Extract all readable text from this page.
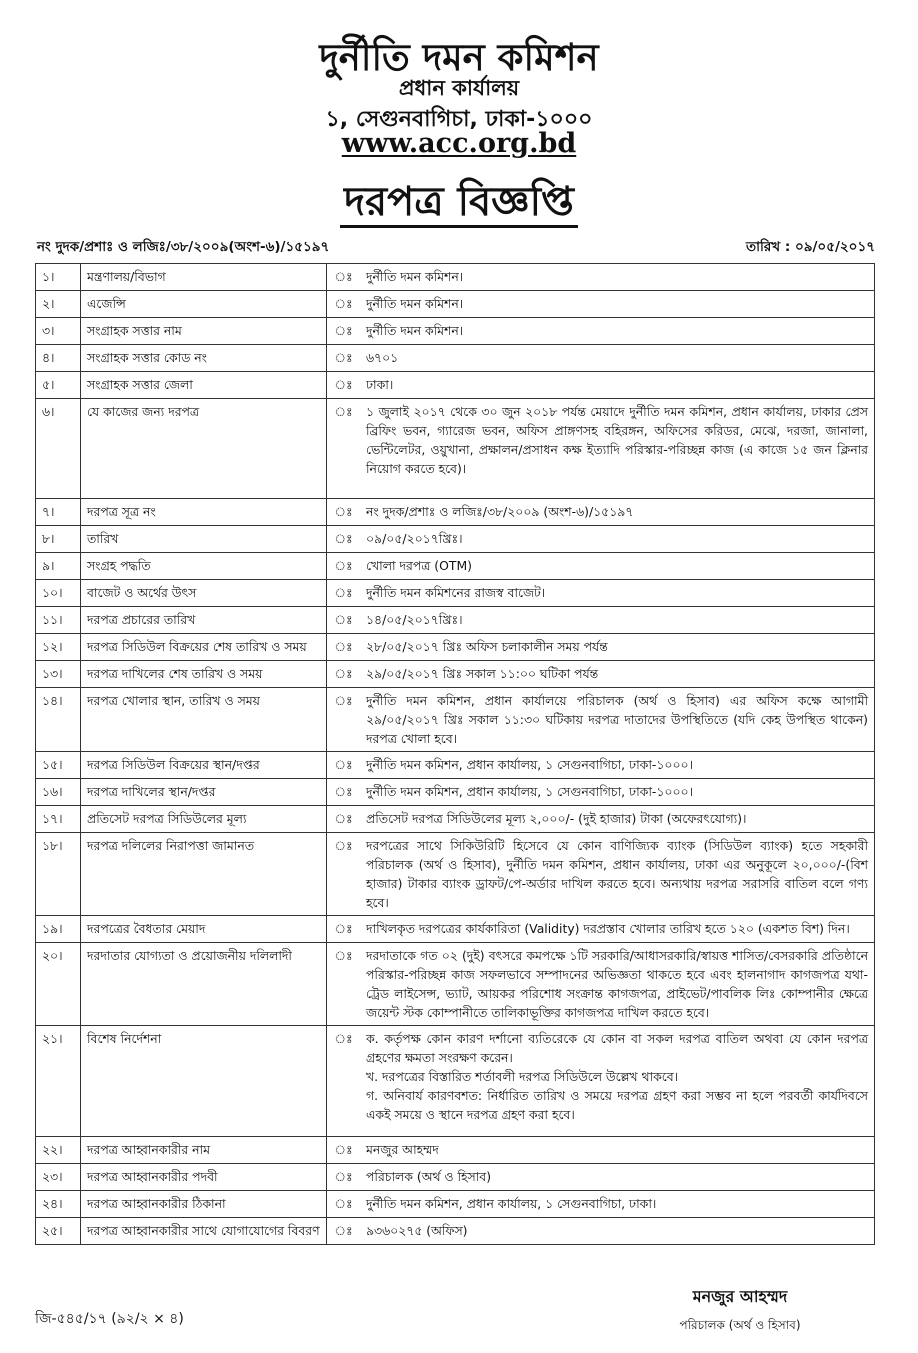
দুর্নীতি দমন কমিশন
প্রধান কার্যালয়
১, সেগুনবাগিচা, ঢাকা-১০০০
www.acc.org.bd
দরপত্র বিজ্ঞপ্তি
নং দুদক/প্রশাঃ ও লজিঃ/৩৮/২০০৯(অংশ-৬)/১৫১৯৭	তারিখ : ০৯/০৫/২০১৭
১।	মন্ত্রণালয়/বিভাগ	ঃ	দুর্নীতি দমন কমিশন।
২।	এজেন্সি	ঃ	দুর্নীতি দমন কমিশন।
৩।	সংগ্রাহক সত্তার নাম	ঃ	দুর্নীতি দমন কমিশন।
৪।	সংগ্রাহক সত্তার কোড নং	ঃ	৬৭০১
৫।	সংগ্রাহক সত্তার জেলা	ঃ	ঢাকা।
৬।	যে কাজের জন্য দরপত্র	ঃ	১ জুলাই ২০১৭ থেকে ৩০ জুন ২০১৮ পর্যন্ত মেয়াদে দুর্নীতি দমন কমিশন, প্রধান কার্যালয়, ঢাকার প্রেস ব্রিফিং ভবন, গ্যারেজ ভবন, অফিস প্রাঙ্গণসহ বহিরঙ্গন, অফিসের করিডর, মেঝে, দরজা, জানালা, ভেন্টিলেটর, ওয়ুখানা, প্রক্ষালন/প্রসাধন কক্ষ ইত্যাদি পরিস্কার-পরিচ্ছন্ন কাজ (এ কাজে ১৫ জন ক্লিনার নিয়োগ করতে হবে)।
৭।	দরপত্র সূত্র নং	ঃ	নং দুদক/প্রশাঃ ও লজিঃ/৩৮/২০০৯ (অংশ-৬)/১৫১৯৭
৮।	তারিখ	ঃ	০৯/০৫/২০১৭খ্রিঃ।
৯।	সংগ্রহ পদ্ধতি	ঃ	খোলা দরপত্র (OTM)
১০।	বাজেট ও অর্থের উৎস	ঃ	দুর্নীতি দমন কমিশনের রাজস্ব বাজেট।
১১।	দরপত্র প্রচারের তারিখ	ঃ	১৪/০৫/২০১৭খ্রিঃ।
১২।	দরপত্র সিডিউল বিক্রয়ের শেষ তারিখ ও সময়	ঃ	২৮/০৫/২০১৭ খ্রিঃ অফিস চলাকালীন সময় পর্যন্ত
১৩।	দরপত্র দাখিলের শেষ তারিখ ও সময়	ঃ	২৯/০৫/২০১৭ খ্রিঃ সকাল ১১:০০ ঘটিকা পর্যন্ত
১৪।	দরপত্র খোলার স্থান, তারিখ ও সময়	ঃ	দুর্নীতি দমন কমিশন, প্রধান কার্যালয়ে পরিচালক (অর্থ ও হিসাব) এর অফিস কক্ষে আগামী ২৯/০৫/২০১৭ খ্রিঃ সকাল ১১:৩০ ঘটিকায় দরপত্র দাতাদের উপস্থিতিতে (যদি কেহ উপস্থিত থাকেন) দরপত্র খোলা হবে।
১৫।	দরপত্র সিডিউল বিক্রয়ের স্থান/দপ্তর	ঃ	দুর্নীতি দমন কমিশন, প্রধান কার্যালয়, ১ সেগুনবাগিচা, ঢাকা-১০০০।
১৬।	দরপত্র দাখিলের স্থান/দপ্তর	ঃ	দুর্নীতি দমন কমিশন, প্রধান কার্যালয়, ১ সেগুনবাগিচা, ঢাকা-১০০০।
১৭।	প্রতিসেট দরপত্র সিডিউলের মূল্য	ঃ	প্রতিসেট দরপত্র সিডিউলের মূল্য ২,০০০/- (দুই হাজার) টাকা (অফেরৎযোগ্য)।
১৮।	দরপত্র দলিলের নিরাপত্তা জামানত	ঃ	দরপত্রের সাথে সিকিউরিটি হিসেবে যে কোন বাণিজ্যিক ব্যাংক (সিডিউল ব্যাংক) হতে সহকারী পরিচালক (অর্থ ও হিসাব), দুর্নীতি দমন কমিশন, প্রধান কার্যালয়, ঢাকা এর অনুকূলে ২০,০০০/-(বিশ হাজার) টাকার ব্যাংক ড্রাফট/পে-অর্ডার দাখিল করতে হবে। অন্যথায় দরপত্র সরাসরি বাতিল বলে গণ্য হবে।
১৯।	দরপত্রের বৈধতার মেয়াদ	ঃ	দাখিলকৃত দরপত্রের কার্যকারিতা (Validity) দরপ্রস্তাব খোলার তারিখ হতে ১২০ (একশত বিশ) দিন।
২০।	দরদাতার যোগ্যতা ও প্রয়োজনীয় দলিলাদী	ঃ	দরদাতাকে গত ০২ (দুই) বৎসরে কমপক্ষে ১টি সরকারি/আধাসরকারি/স্বায়ত্ত শাসিত/বেসরকারি প্রতিষ্ঠানে পরিস্কার-পরিচ্ছন্ন কাজ সফলভাবে সম্পাদনের অভিজ্ঞতা থাকতে হবে এবং হালনাগাদ কাগজপত্র যথা-ট্রেড লাইসেন্স, ভ্যাট, আয়কর পরিশোধ সংক্রান্ত কাগজপত্র, প্রাইভেট/পাবলিক লিঃ কোম্পানীর ক্ষেত্রে জয়েন্ট স্টক কোম্পানীতে তালিকাভূক্তির কাগজপত্র দাখিল করতে হবে।
২১।	বিশেষ নির্দেশনা	ঃ	ক. কর্তৃপক্ষ কোন কারণ দর্শানো ব্যতিরেকে যে কোন বা সকল দরপত্র বাতিল অথবা যে কোন দরপত্র গ্রহণের ক্ষমতা সংরক্ষণ করেন।
খ. দরপত্রের বিস্তারিত শর্তাবলী দরপত্র সিডিউলে উল্লেখ থাকবে।
গ. অনিবার্য কারণবশত: নির্ধারিত তারিখ ও সময়ে দরপত্র গ্রহণ করা সম্ভব না হলে পরবর্তী কার্যদিবসে একই সময়ে ও স্থানে দরপত্র গ্রহণ করা হবে।

২২।	দরপত্র আহ্বানকারীর নাম	ঃ	মনজুর আহম্মদ
২৩।	দরপত্র আহ্বানকারীর পদবী	ঃ	পরিচালক (অর্থ ও হিসাব)
২৪।	দরপত্র আহ্বানকারীর ঠিকানা	ঃ	দুর্নীতি দমন কমিশন, প্রধান কার্যালয়, ১ সেগুনবাগিচা, ঢাকা।
২৫।	দরপত্র আহ্বানকারীর সাথে যোগাযোগের বিবরণ	ঃ	৯৩৬০২৭৫ (অফিস)
জি-৫৪৫/১৭ (৯২/২ × ৪)
মনজুর আহম্মদ
পরিচালক (অর্থ ও হিসাব)
